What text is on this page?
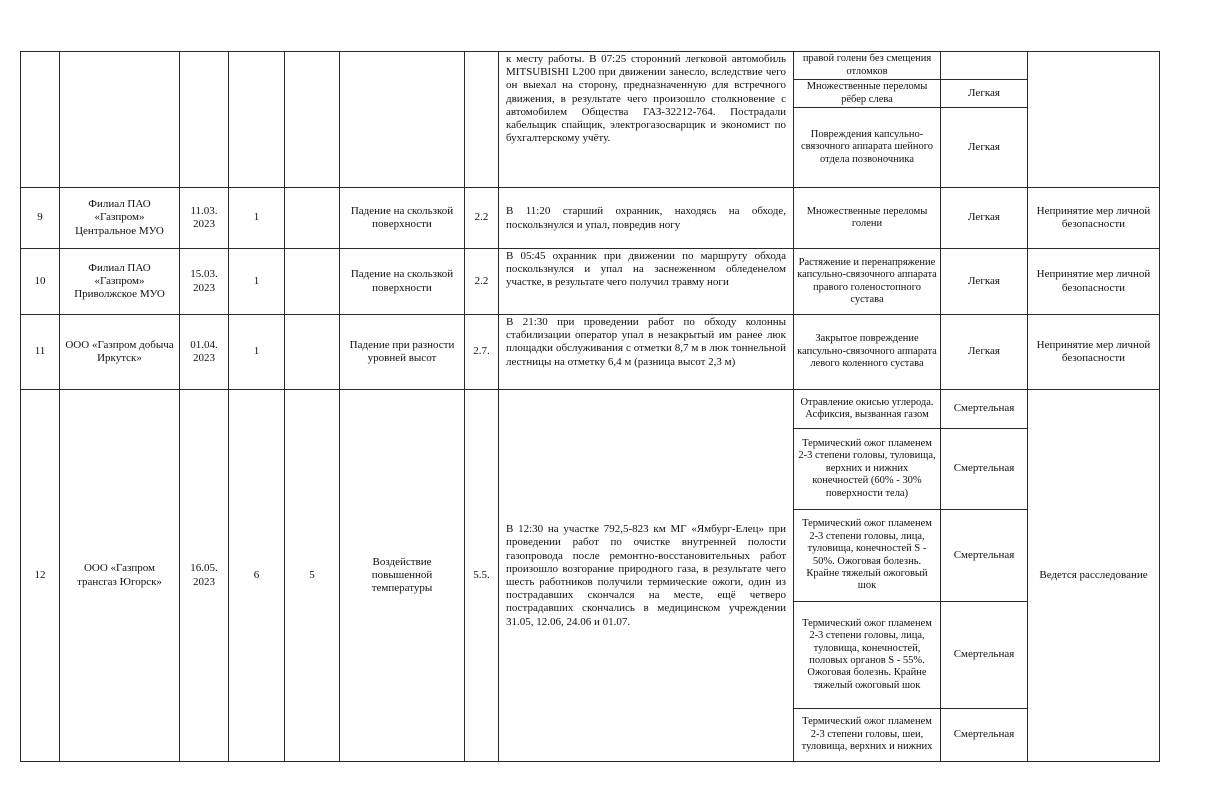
							к месту работы. В 07:25 сторонний легковой автомобиль MITSUBISHI L200 при движении занесло, вследствие чего он выехал на сторону, предназначенную для встречного движения, в результате чего произошло столкновение с автомобилем Общества ГАЗ-32212-764. Пострадали кабельщик спайщик, электрогазосварщик и экономист по бухгалтерскому учёту.	правой голени без смещения отломков		
								Множественные переломы рёбер слева	Легкая	
								Повреждения капсульно-связочного аппарата шейного отдела позвоночника	Легкая	
9	Филиал ПАО «Газпром» Центральное МУО	11.03. 2023	1		Падение на скользкой поверхности	2.2	В 11:20 старший охранник, находясь на обходе, поскользнулся и упал, повредив ногу	Множественные переломы голени	Легкая	Непринятие мер личной безопасности
10	Филиал ПАО «Газпром» Приволжское МУО	15.03. 2023	1		Падение на скользкой поверхности	2.2	В 05:45 охранник при движении по маршруту обхода поскользнулся и упал на заснеженном обледенелом участке, в результате чего получил травму ноги	Растяжение и перенапряжение капсульно-связочного аппарата правого голеностопного сустава	Легкая	Непринятие мер личной безопасности
11	ООО «Газпром добыча Иркутск»	01.04. 2023	1		Падение при разности уровней высот	2.7.	В 21:30 при проведении работ по обходу колонны стабилизации оператор упал в незакрытый им ранее люк площадки обслуживания с отметки 8,7 м в люк тоннельной лестницы на отметку 6,4 м (разница высот 2,3 м)	Закрытое повреждение капсульно-связочного аппарата левого коленного сустава	Легкая	Непринятие мер личной безопасности
12	ООО «Газпром трансгаз Югорск»	16.05. 2023	6	5	Воздействие повышенной температуры	5.5.	В 12:30 на участке 792,5-823 км МГ «Ямбург-Елец» при проведении работ по очистке внутренней полости газопровода после ремонтно-восстановительных работ произошло возгорание природного газа, в результате чего шесть работников получили термические ожоги, один из пострадавших скончался на месте, ещё четверо пострадавших скончались в медицинском учреждении 31.05, 12.06, 24.06 и 01.07.	Отравление окисью углерода. Асфиксия, вызванная газом	Смертельная	Ведется расследование
								Термический ожог пламенем 2-3 степени головы, туловища, верхних и нижних конечностей (60% - 30% поверхности тела)	Смертельная	
								Термический ожог пламенем 2-3 степени головы, лица, туловища, конечностей S - 50%. Ожоговая болезнь. Крайне тяжелый ожоговый шок	Смертельная	
								Термический ожог пламенем 2-3 степени головы, лица, туловища, конечностей, половых органов S - 55%. Ожоговая болезнь. Крайне тяжелый ожоговый шок	Смертельная	
								Термический ожог пламенем 2-3 степени головы, шеи, туловища, верхних и нижних	Смертельная	
